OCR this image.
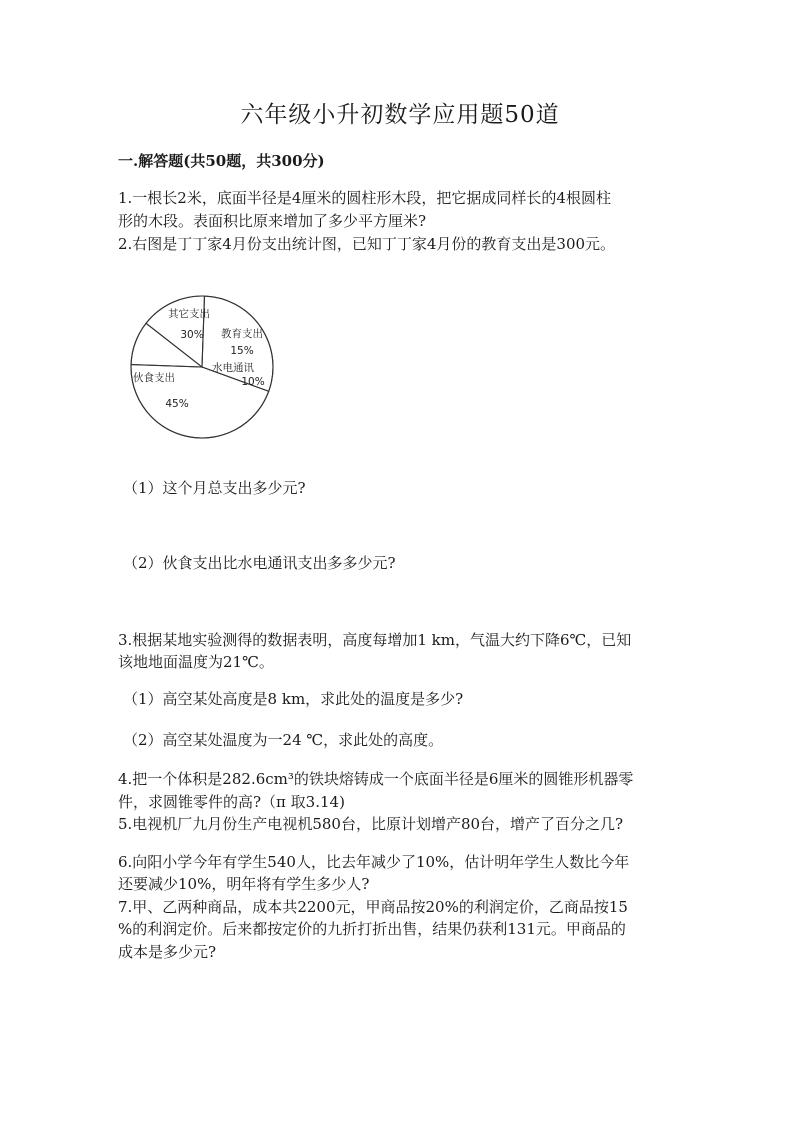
六年级小升初数学应用题50道
一.解答题(共50题，共300分)
1.一根长2米，底面半径是4厘米的圆柱形木段，把它据成同样长的4根圆柱
形的木段。表面积比原来增加了多少平方厘米?
2.右图是丁丁家4月份支出统计图，已知丁丁家4月份的教育支出是300元。
其它支出
30%
15%
教育支出
水电通讯
10%
伙食支出
45%
（1）这个月总支出多少元?
（2）伙食支出比水电通讯支出多多少元?
3.根据某地实验测得的数据表明，高度每增加1 km，气温大约下降6℃，已知
该地地面温度为21℃。
（1）高空某处高度是8 km，求此处的温度是多少?
（2）高空某处温度为一24 ℃，求此处的高度。
4.把一个体积是282.6cm³的铁块熔铸成一个底面半径是6厘米的圆锥形机器零
件，求圆锥零件的高?（π 取3.14)
5.电视机厂九月份生产电视机580台，比原计划增产80台，增产了百分之几?
6.向阳小学今年有学生540人，比去年减少了10%，估计明年学生人数比今年
还要减少10%，明年将有学生多少人?
7.甲、乙两种商品，成本共2200元，甲商品按20%的利润定价，乙商品按15
%的利润定价。后来都按定价的九折打折出售，结果仍获利131元。甲商品的
成本是多少元?
